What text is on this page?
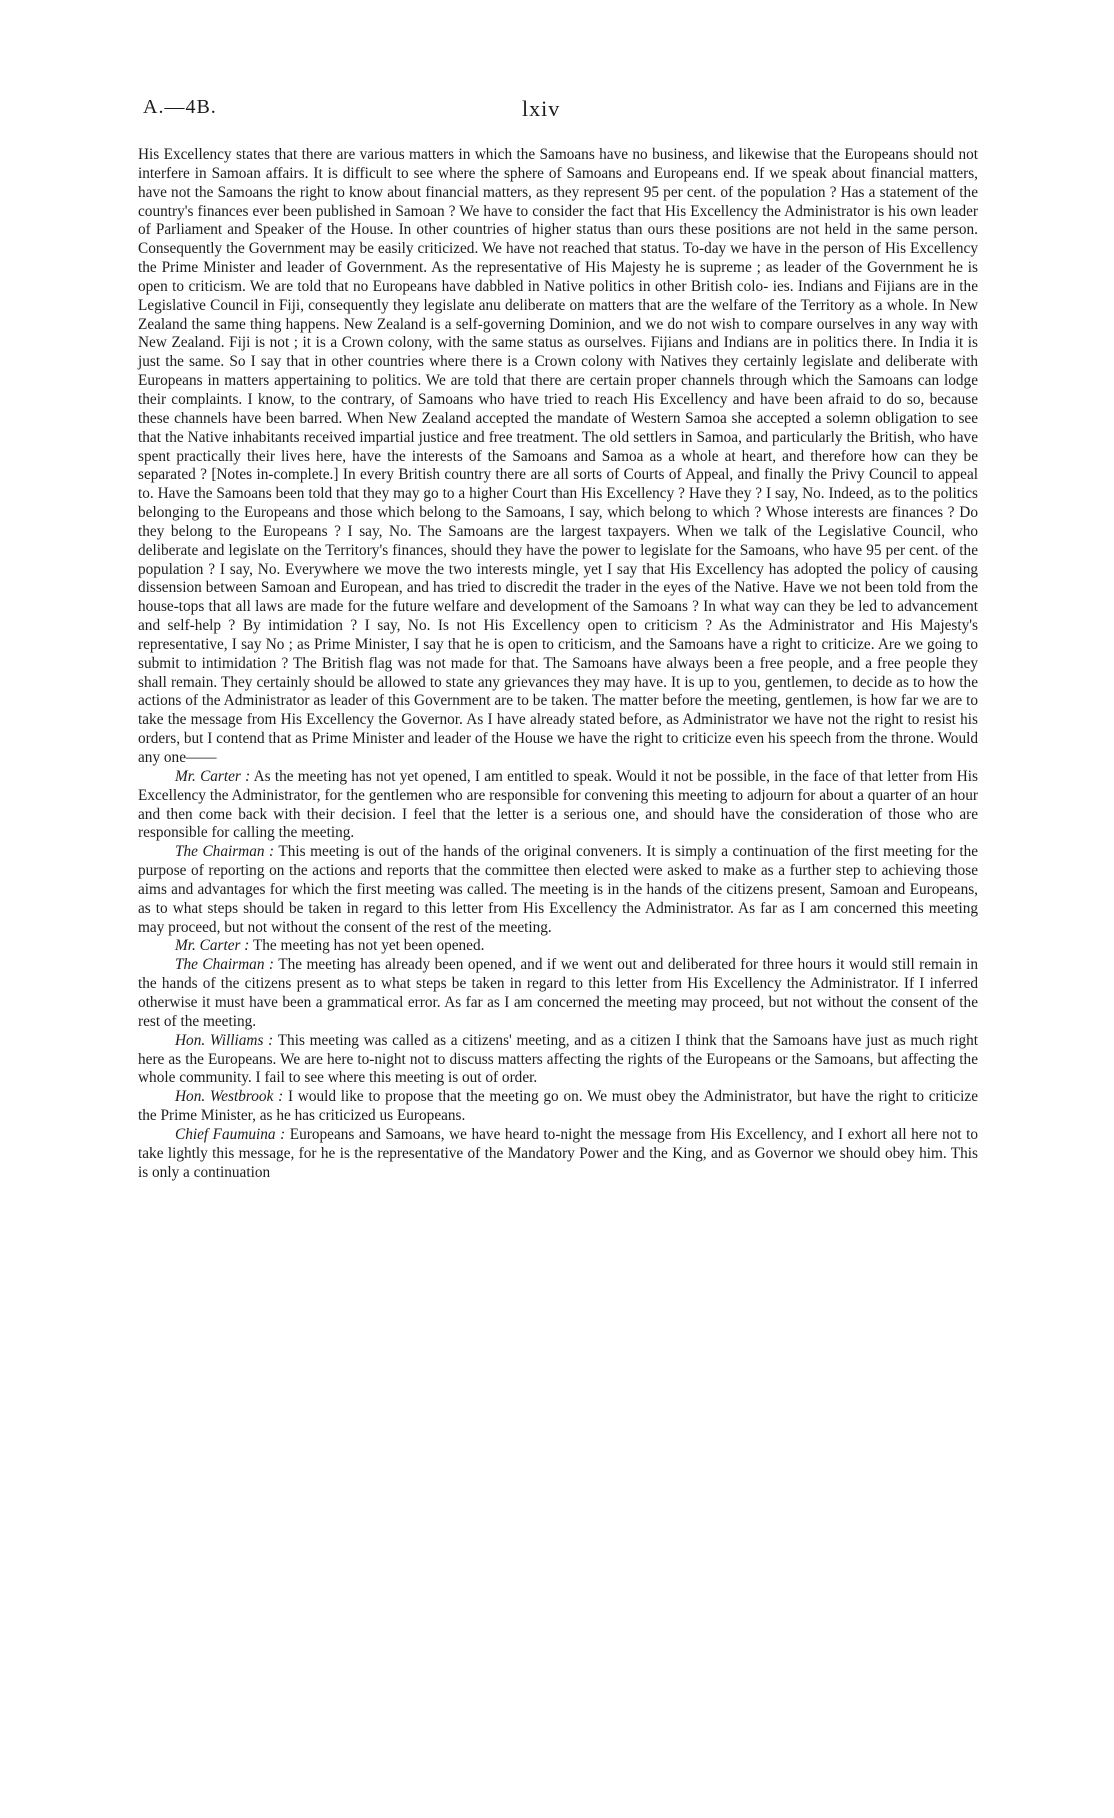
A.—4B.	lxiv

His Excellency states that there are various matters in which the Samoans have no business, and likewise that the Europeans should not interfere in Samoan affairs. It is difficult to see where the sphere of Samoans and Europeans end. If we speak about financial matters, have not the Samoans the right to know about financial matters, as they represent 95 per cent. of the population ? Has a statement of the country's finances ever been published in Samoan ? We have to consider the fact that His Excellency the Administrator is his own leader of Parliament and Speaker of the House. In other countries of higher status than ours these positions are not held in the same person. Consequently the Government may be easily criticized. We have not reached that status. To-day we have in the person of His Excellency the Prime Minister and leader of Government. As the representative of His Majesty he is supreme ; as leader of the Government he is open to criticism. We are told that no Europeans have dabbled in Native politics in other British colo- ies. Indians and Fijians are in the Legislative Council in Fiji, consequently they legislate anu deliberate on matters that are the welfare of the Territory as a whole. In New Zealand the same thing happens. New Zealand is a self-governing Dominion, and we do not wish to compare ourselves in any way with New Zealand. Fiji is not ; it is a Crown colony, with the same status as ourselves. Fijians and Indians are in politics there. In India it is just the same. So I say that in other countries where there is a Crown colony with Natives they certainly legislate and deliberate with Europeans in matters appertaining to politics. We are told that there are certain proper channels through which the Samoans can lodge their complaints. I know, to the contrary, of Samoans who have tried to reach His Excellency and have been afraid to do so, because these channels have been barred. When New Zealand accepted the mandate of Western Samoa she accepted a solemn obligation to see that the Native inhabitants received impartial justice and free treatment. The old settlers in Samoa, and particularly the British, who have spent practically their lives here, have the interests of the Samoans and Samoa as a whole at heart, and therefore how can they be separated ? [Notes in-complete.] In every British country there are all sorts of Courts of Appeal, and finally the Privy Council to appeal to. Have the Samoans been told that they may go to a higher Court than His Excellency ? Have they ? I say, No. Indeed, as to the politics belonging to the Europeans and those which belong to the Samoans, I say, which belong to which ? Whose interests are finances ? Do they belong to the Europeans ? I say, No. The Samoans are the largest taxpayers. When we talk of the Legislative Council, who deliberate and legislate on the Territory's finances, should they have the power to legislate for the Samoans, who have 95 per cent. of the population ? I say, No. Everywhere we move the two interests mingle, yet I say that His Excellency has adopted the policy of causing dissension between Samoan and European, and has tried to discredit the trader in the eyes of the Native. Have we not been told from the house-tops that all laws are made for the future welfare and development of the Samoans ? In what way can they be led to advancement and self-help ? By intimidation ? I say, No. Is not His Excellency open to criticism ? As the Administrator and His Majesty's representative, I say No ; as Prime Minister, I say that he is open to criticism, and the Samoans have a right to criticize. Are we going to submit to intimidation ? The British flag was not made for that. The Samoans have always been a free people, and a free people they shall remain. They certainly should be allowed to state any grievances they may have. It is up to you, gentlemen, to decide as to how the actions of the Administrator as leader of this Government are to be taken. The matter before the meeting, gentlemen, is how far we are to take the message from His Excellency the Governor. As I have already stated before, as Administrator we have not the right to resist his orders, but I contend that as Prime Minister and leader of the House we have the right to criticize even his speech from the throne. Would any one——

Mr. Carter : As the meeting has not yet opened, I am entitled to speak. Would it not be possible, in the face of that letter from His Excellency the Administrator, for the gentlemen who are responsible for convening this meeting to adjourn for about a quarter of an hour and then come back with their decision. I feel that the letter is a serious one, and should have the consideration of those who are responsible for calling the meeting.

The Chairman : This meeting is out of the hands of the original conveners. It is simply a continuation of the first meeting for the purpose of reporting on the actions and reports that the committee then elected were asked to make as a further step to achieving those aims and advantages for which the first meeting was called. The meeting is in the hands of the citizens present, Samoan and Europeans, as to what steps should be taken in regard to this letter from His Excellency the Administrator. As far as I am concerned this meeting may proceed, but not without the consent of the rest of the meeting.

Mr. Carter : The meeting has not yet been opened.

The Chairman : The meeting has already been opened, and if we went out and deliberated for three hours it would still remain in the hands of the citizens present as to what steps be taken in regard to this letter from His Excellency the Administrator. If I inferred otherwise it must have been a grammatical error. As far as I am concerned the meeting may proceed, but not without the consent of the rest of the meeting.

Hon. Williams : This meeting was called as a citizens' meeting, and as a citizen I think that the Samoans have just as much right here as the Europeans. We are here to-night not to discuss matters affecting the rights of the Europeans or the Samoans, but affecting the whole community. I fail to see where this meeting is out of order.

Hon. Westbrook : I would like to propose that the meeting go on. We must obey the Administrator, but have the right to criticize the Prime Minister, as he has criticized us Europeans.

Chief Faumuina : Europeans and Samoans, we have heard to-night the message from His Excellency, and I exhort all here not to take lightly this message, for he is the representative of the Mandatory Power and the King, and as Governor we should obey him. This is only a continuation
